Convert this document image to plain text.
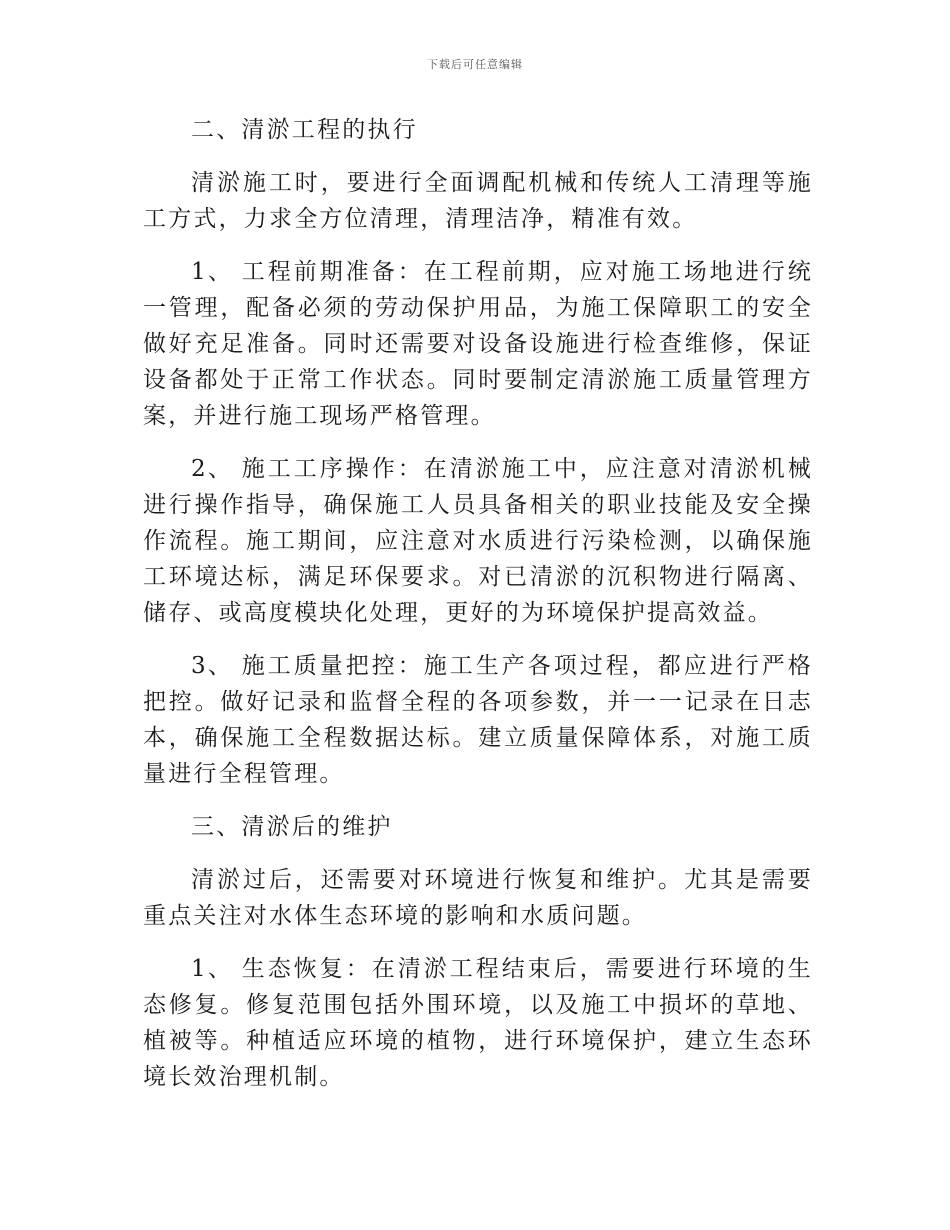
下载后可任意编辑

二、清淤工程的执行

清淤施工时，要进行全面调配机械和传统人工清理等施工方式，力求全方位清理，清理洁净，精准有效。

1、 工程前期准备：在工程前期，应对施工场地进行统一管理，配备必须的劳动保护用品，为施工保障职工的安全做好充足准备。同时还需要对设备设施进行检查维修，保证设备都处于正常工作状态。同时要制定清淤施工质量管理方案，并进行施工现场严格管理。

2、 施工工序操作：在清淤施工中，应注意对清淤机械进行操作指导，确保施工人员具备相关的职业技能及安全操作流程。施工期间，应注意对水质进行污染检测，以确保施工环境达标，满足环保要求。对已清淤的沉积物进行隔离、储存、或高度模块化处理，更好的为环境保护提高效益。

3、 施工质量把控：施工生产各项过程，都应进行严格把控。做好记录和监督全程的各项参数，并一一记录在日志本，确保施工全程数据达标。建立质量保障体系，对施工质量进行全程管理。

三、清淤后的维护

清淤过后，还需要对环境进行恢复和维护。尤其是需要重点关注对水体生态环境的影响和水质问题。

1、 生态恢复：在清淤工程结束后，需要进行环境的生态修复。修复范围包括外围环境，以及施工中损坏的草地、植被等。种植适应环境的植物，进行环境保护，建立生态环境长效治理机制。
